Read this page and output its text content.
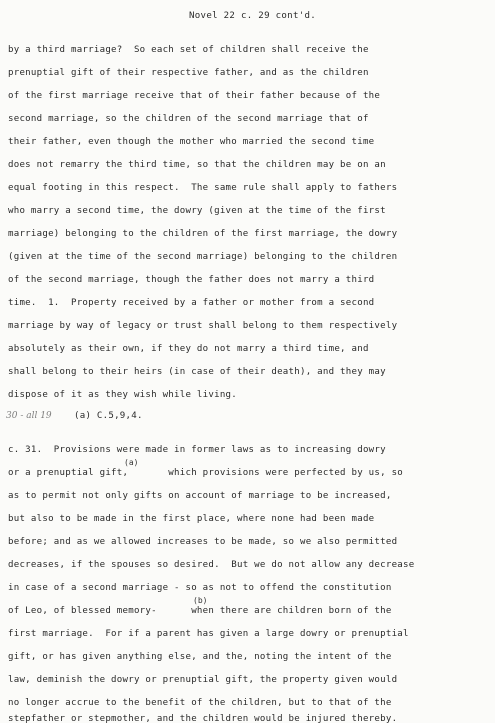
Novel 22 c. 29 cont'd.
by a third marriage?  So each set of children shall receive the
prenuptial gift of their respective father, and as the children
of the first marriage receive that of their father because of the
second marriage, so the children of the second marriage that of
their father, even though the mother who married the second time
does not remarry the third time, so that the children may be on an
equal footing in this respect.  The same rule shall apply to fathers
who marry a second time, the dowry (given at the time of the first
marriage) belonging to the children of the first marriage, the dowry
(given at the time of the second marriage) belonging to the children
of the second marriage, though the father does not marry a third
time.  1.  Property received by a father or mother from a second
marriage by way of legacy or trust shall belong to them respectively
absolutely as their own, if they do not marry a third time, and
shall belong to their heirs (in case of their death), and they may
dispose of it as they wish while living.
30 - all 19 (a) C.5,9,4.
c. 31.  Provisions were made in former laws as to increasing dowry
(a)
or a prenuptial gift,       which provisions were perfected by us, so
as to permit not only gifts on account of marriage to be increased,
but also to be made in the first place, where none had been made
before; and as we allowed increases to be made, so we also permitted
decreases, if the spouses so desired.  But we do not allow any decrease
in case of a second marriage - so as not to offend the constitution
(b)
of Leo, of blessed memory-      when there are children born of the
first marriage.  For if a parent has given a large dowry or prenuptial
gift, or has given anything else, and the, noting the intent of the
law, deminish the dowry or prenuptial gift, the property given would
no longer accrue to the benefit of the children, but to that of the
stepfather or stepmother, and the children would be injured thereby.
